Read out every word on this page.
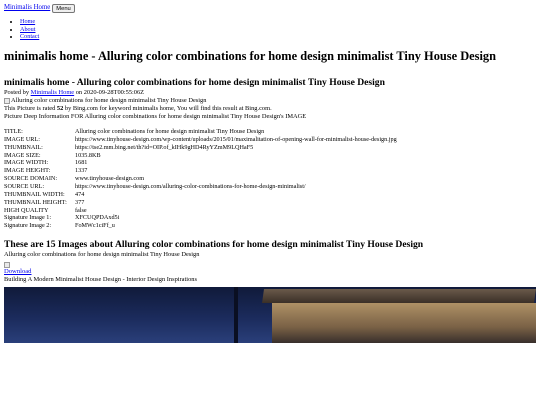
Minimalis Home	Menu
• Home
• About
• Contact
minimalis home - Alluring color combinations for home design minimalist Tiny House Design
minimalis home - Alluring color combinations for home design minimalist Tiny House Design

Posted by Minimalis Home on 2020-09-28T00:55:06Z

Alluring color combinations for home design minimalist Tiny House Design

This Picture is rated 52 by Bing.com for keyword minimalis home, You will find this result at Bing.com.

Picture Deep Information FOR Alluring color combinations for home design minimalist Tiny House Design's IMAGE

TITLE:	Alluring color combinations for home design minimalist Tiny House Design
IMAGE URL:	https://www.tinyhouse-design.com/wp-content/uploads/2015/01/maximalitation-of-opening-wall-for-minimalist-house-design.jpg
THUMBNAIL:	https://tse2.mm.bing.net/th?id=OIP.of_kIHk9gHD4RyYZmM9LQHaF5
IMAGE SIZE:	1035.8KB
IMAGE WIDTH:	1681
IMAGE HEIGHT:	1337
SOURCE DOMAIN:	www.tinyhouse-design.com
SOURCE URL:	https://www.tinyhouse-design.com/alluring-color-combinations-for-home-design-minimalist/
THUMBNAIL WIDTH:	474
THUMBNAIL HEIGHT:	377
HIGH QUALITY	false
Signature Image 1:	XFCUQPDAxd5i
Signature Image 2:	FoMWc1ciFf_u
These are 15 Images about Alluring color combinations for home design minimalist Tiny House Design

Alluring color combinations for home design minimalist Tiny House Design

Download

Building A Modern Minimalist House Design - Interior Design Inspirations
